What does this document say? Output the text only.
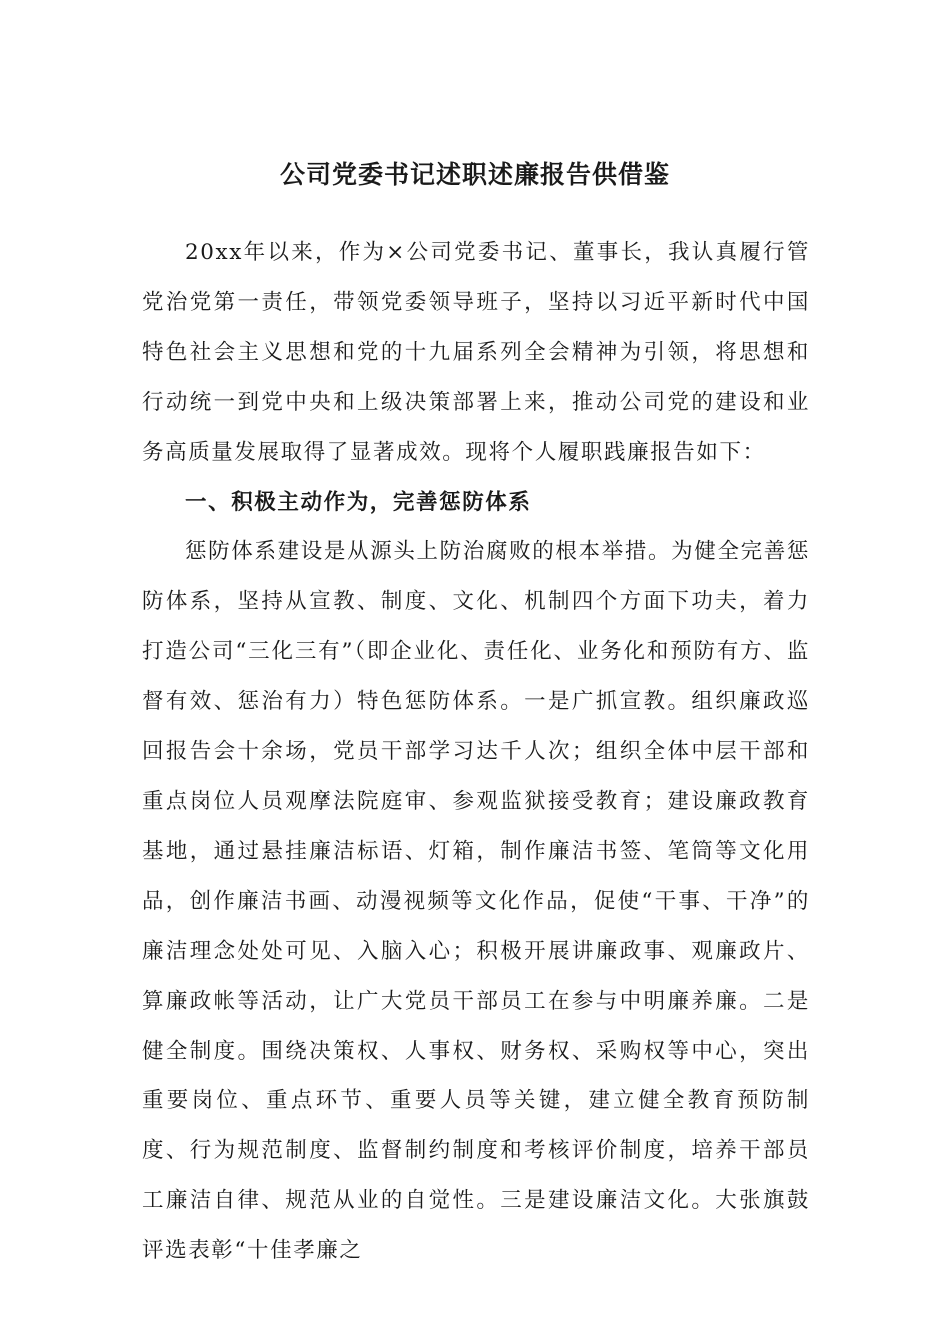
公司党委书记述职述廉报告供借鉴

20xx年以来，作为×公司党委书记、董事长，我认真履行管党治党第一责任，带领党委领导班子，坚持以习近平新时代中国特色社会主义思想和党的十九届系列全会精神为引领，将思想和行动统一到党中央和上级决策部署上来，推动公司党的建设和业务高质量发展取得了显著成效。现将个人履职践廉报告如下：

一、积极主动作为，完善惩防体系

惩防体系建设是从源头上防治腐败的根本举措。为健全完善惩防体系，坚持从宣教、制度、文化、机制四个方面下功夫，着力打造公司“三化三有”（即企业化、责任化、业务化和预防有方、监督有效、惩治有力）特色惩防体系。一是广抓宣教。组织廉政巡回报告会十余场，党员干部学习达千人次；组织全体中层干部和重点岗位人员观摩法院庭审、参观监狱接受教育；建设廉政教育基地，通过悬挂廉洁标语、灯箱，制作廉洁书签、笔筒等文化用品，创作廉洁书画、动漫视频等文化作品，促使“干事、干净”的廉洁理念处处可见、入脑入心；积极开展讲廉政事、观廉政片、算廉政帐等活动，让广大党员干部员工在参与中明廉养廉。二是健全制度。围绕决策权、人事权、财务权、采购权等中心，突出重要岗位、重点环节、重要人员等关键，建立健全教育预防制度、行为规范制度、监督制约制度和考核评价制度，培养干部员工廉洁自律、规范从业的自觉性。三是建设廉洁文化。大张旗鼓评选表彰“十佳孝廉之
